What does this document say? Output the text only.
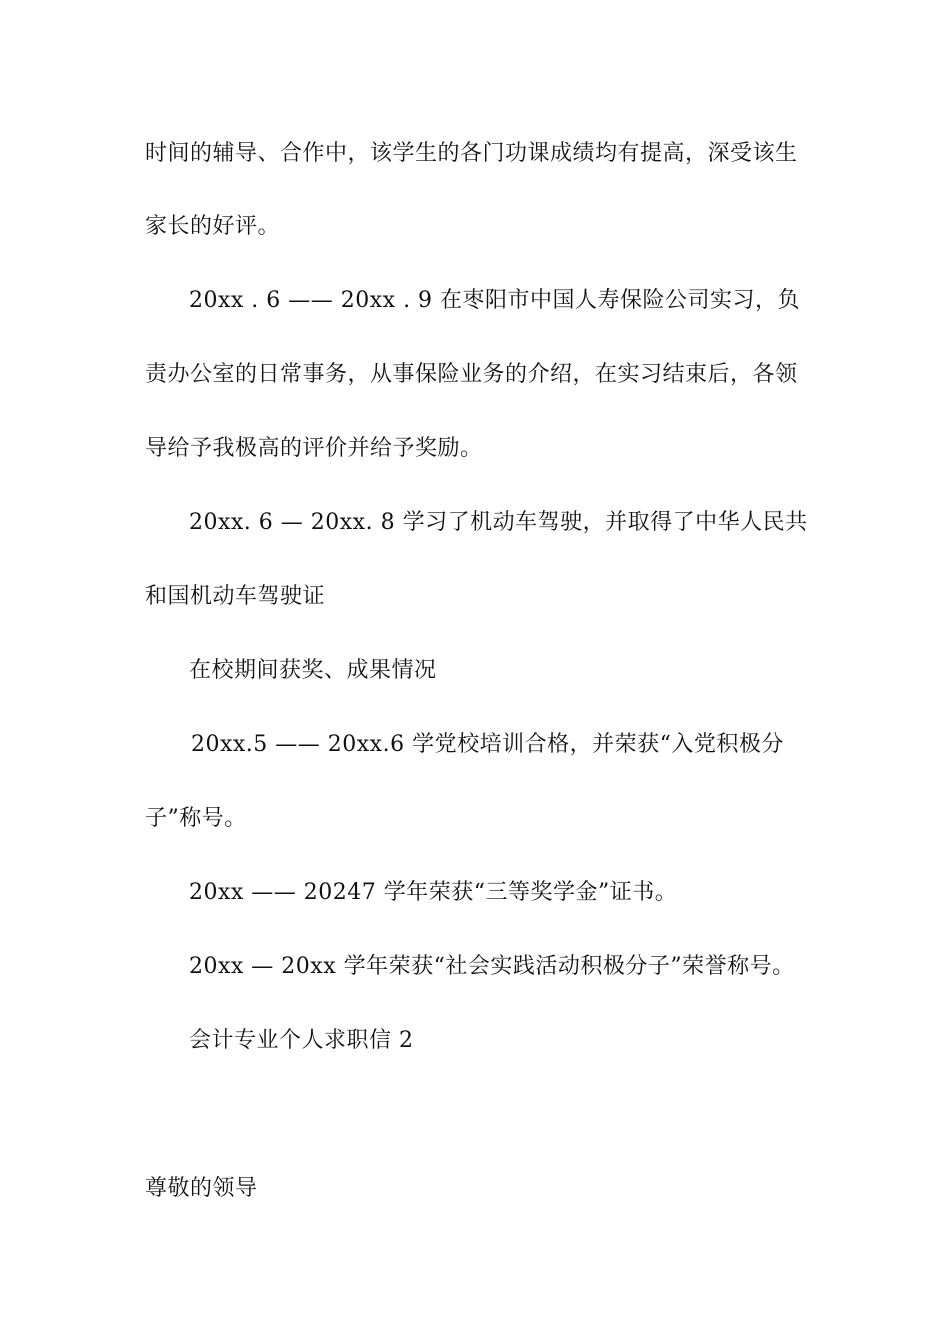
时间的辅导、合作中，该学生的各门功课成绩均有提高，深受该生
家长的好评。
20xx . 6 —— 20xx . 9 在枣阳市中国人寿保险公司实习，负
责办公室的日常事务，从事保险业务的介绍，在实习结束后，各领
导给予我极高的评价并给予奖励。
20xx. 6 — 20xx. 8 学习了机动车驾驶，并取得了中华人民共
和国机动车驾驶证
在校期间获奖、成果情况
20xx.5 —— 20xx.6 学党校培训合格，并荣获“入党积极分
子”称号。
20xx —— 20247 学年荣获“三等奖学金”证书。
20xx — 20xx 学年荣获“社会实践活动积极分子”荣誉称号。
会计专业个人求职信 2
尊敬的领导
